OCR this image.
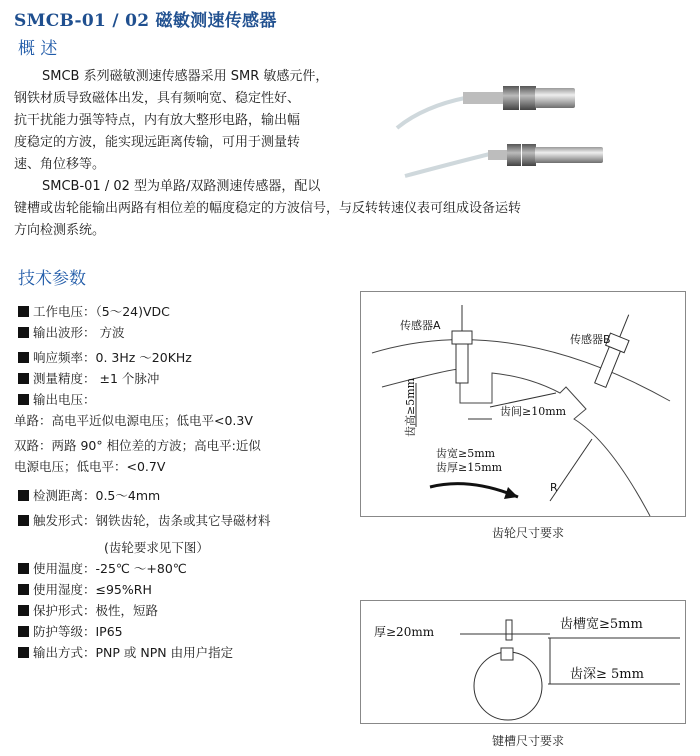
SMCB-01 / 02 磁敏测速传感器
概 述
SMCB 系列磁敏测速传感器采用 SMR 敏感元件，
钢铁材质导致磁体出发，具有频响宽、稳定性好、
抗干扰能力强等特点，内有放大整形电路，输出幅
度稳定的方波，能实现远距离传输，可用于测量转
速、角位移等。
SMCB-01 / 02 型为单路/双路测速传感器，配以
键槽或齿轮能输出两路有相位差的幅度稳定的方波信号，与反转转速仪表可组成设备运转
方向检测系统。
技术参数
工作电压：（5～24)VDC
输出波形： 方波
响应频率：0. 3Hz ～20KHz
测量精度： ±1 个脉冲
输出电压：
单路：高电平近似电源电压；低电平<0.3V
双路：两路 90° 相位差的方波；高电平:近似
电源电压；低电平：<0.7V
检测距离：0.5～4mm
触发形式：钢铁齿轮，齿条或其它导磁材料
(齿轮要求见下图）
使用温度：-25℃ ～+80℃
使用湿度：≤95%RH
保护形式：极性，短路
防护等级：IP65
输出方式：PNP 或 NPN 由用户指定
传感器A
传感器B
齿高≥5mm	齿间≥10mm
齿宽≥5mm
齿厚≥15mm
R
齿轮尺寸要求
厚≥20mm	齿槽宽≥5mm
齿深≥ 5mm
键槽尺寸要求
